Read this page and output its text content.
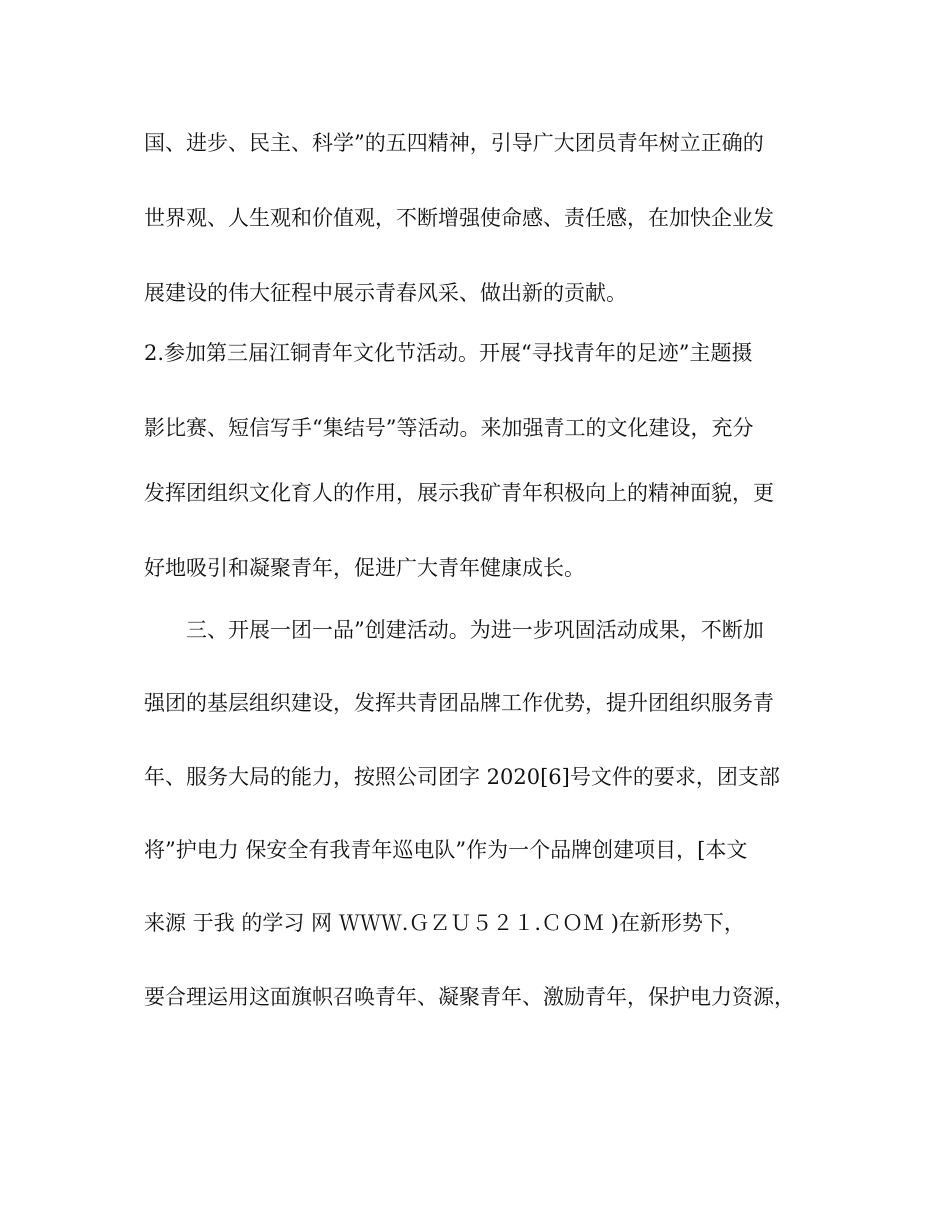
国、进步、民主、科学”的五四精神，引导广大团员青年树立正确的
世界观、人生观和价值观，不断增强使命感、责任感，在加快企业发
展建设的伟大征程中展示青春风采、做出新的贡献。
2.参加第三届江铜青年文化节活动。开展“寻找青年的足迹”主题摄
影比赛、短信写手“集结号”等活动。来加强青工的文化建设，充分
发挥团组织文化育人的作用，展示我矿青年积极向上的精神面貌，更
好地吸引和凝聚青年，促进广大青年健康成长。
三、开展一团一品”创建活动。为进一步巩固活动成果，不断加
强团的基层组织建设，发挥共青团品牌工作优势，提升团组织服务青
年、服务大局的能力，按照公司团字 2020[6]号文件的要求，团支部
将”护电力 保安全有我青年巡电队”作为一个品牌创建项目，[本文
来源 于我 的学习 网 ＷＷＷ.ＧＺＵ５２１.ＣＯＭ )在新形势下，
要合理运用这面旗帜召唤青年、凝聚青年、激励青年，保护电力资源，
